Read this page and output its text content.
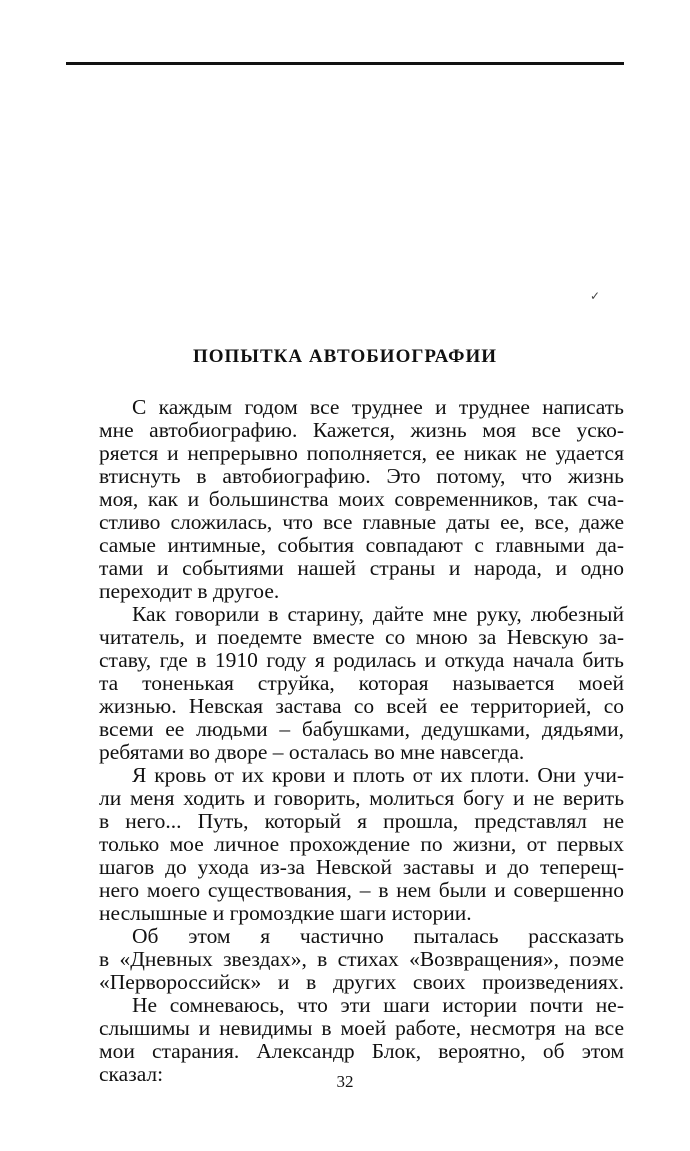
✓
ПОПЫТКА АВТОБИОГРАФИИ

С каждым годом все труднее и труднее написать
мне автобиографию. Кажется, жизнь моя все уско-
ряется и непрерывно пополняется, ее никак не удается
втиснуть в автобиографию. Это потому, что жизнь
моя, как и большинства моих современников, так сча-
стливо сложилась, что все главные даты ее, все, даже
самые интимные, события совпадают с главными да-
тами и событиями нашей страны и народа, и одно
переходит в другое.

Как говорили в старину, дайте мне руку, любезный
читатель, и поедемте вместе со мною за Невскую за-
ставу, где в 1910 году я родилась и откуда начала бить
та тоненькая струйка, которая называется моей
жизнью. Невская застава со всей ее территорией, со
всеми ее людьми – бабушками, дедушками, дядьями,
ребятами во дворе – осталась во мне навсегда.

Я кровь от их крови и плоть от их плоти. Они учи-
ли меня ходить и говорить, молиться богу и не верить
в него... Путь, который я прошла, представлял не
только мое личное прохождение по жизни, от первых
шагов до ухода из-за Невской заставы и до теперещ-
него моего существования, – в нем были и совершенно
неслышные и громоздкие шаги истории.

Об этом я частично пыталась рассказать
в «Дневных звездах», в стихах «Возвращения», поэме
«Первороссийск» и в других своих произведениях.

Не сомневаюсь, что эти шаги истории почти не-
слышимы и невидимы в моей работе, несмотря на все
мои старания. Александр Блок, вероятно, об этом
сказал:	32
